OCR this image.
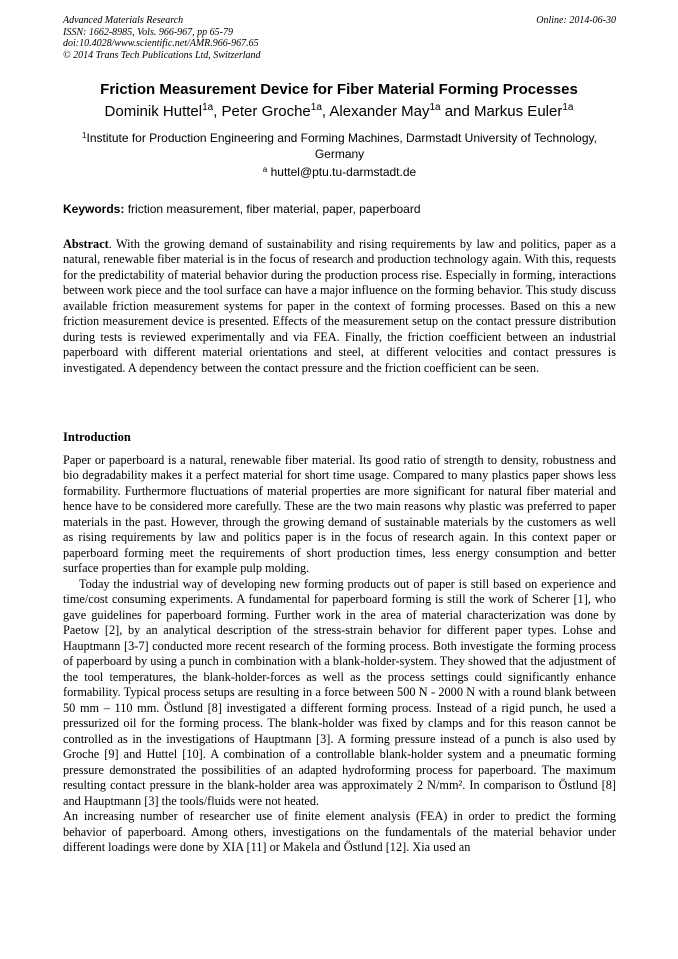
Advanced Materials Research
ISSN: 1662-8985, Vols. 966-967, pp 65-79
doi:10.4028/www.scientific.net/AMR.966-967.65
© 2014 Trans Tech Publications Ltd, Switzerland
Online: 2014-06-30
Friction Measurement Device for Fiber Material Forming Processes
Dominik Huttel$^{1a}$, Peter Groche$^{1a}$, Alexander May$^{1a}$ and Markus Euler$^{1a}$
$^1$Institute for Production Engineering and Forming Machines, Darmstadt University of Technology, Germany
$^a$ huttel@ptu.tu-darmstadt.de
Keywords: friction measurement, fiber material, paper, paperboard
Abstract. With the growing demand of sustainability and rising requirements by law and politics, paper as a natural, renewable fiber material is in the focus of research and production technology again. With this, requests for the predictability of material behavior during the production process rise. Especially in forming, interactions between work piece and the tool surface can have a major influence on the forming behavior. This study discuss available friction measurement systems for paper in the context of forming processes. Based on this a new friction measurement device is presented. Effects of the measurement setup on the contact pressure distribution during tests is reviewed experimentally and via FEA. Finally, the friction coefficient between an industrial paperboard with different material orientations and steel, at different velocities and contact pressures is investigated. A dependency between the contact pressure and the friction coefficient can be seen.
Introduction

Paper or paperboard is a natural, renewable fiber material. Its good ratio of strength to density, robustness and bio degradability makes it a perfect material for short time usage. Compared to many plastics paper shows less formability. Furthermore fluctuations of material properties are more significant for natural fiber material and hence have to be considered more carefully. These are the two main reasons why plastic was preferred to paper materials in the past. However, through the growing demand of sustainable materials by the customers as well as rising requirements by law and politics paper is in the focus of research again. In this context paper or paperboard forming meet the requirements of short production times, less energy consumption and better surface properties than for example pulp molding.

Today the industrial way of developing new forming products out of paper is still based on experience and time/cost consuming experiments. A fundamental for paperboard forming is still the work of Scherer [1], who gave guidelines for paperboard forming. Further work in the area of material characterization was done by Paetow [2], by an analytical description of the stress-strain behavior for different paper types. Lohse and Hauptmann [3-7] conducted more recent research of the forming process. Both investigate the forming process of paperboard by using a punch in combination with a blank-holder-system. They showed that the adjustment of the tool temperatures, the blank-holder-forces as well as the process settings could significantly enhance formability. Typical process setups are resulting in a force between 500 N - 2000 N with a round blank between 50 mm – 110 mm. Östlund [8] investigated a different forming process. Instead of a rigid punch, he used a pressurized oil for the forming process. The blank-holder was fixed by clamps and for this reason cannot be controlled as in the investigations of Hauptmann [3]. A forming pressure instead of a punch is also used by Groche [9] and Huttel [10]. A combination of a controllable blank-holder system and a pneumatic forming pressure demonstrated the possibilities of an adapted hydroforming process for paperboard. The maximum resulting contact pressure in the blank-holder area was approximately 2 N/mm². In comparison to Östlund [8] and Hauptmann [3] the tools/fluids were not heated.

An increasing number of researcher use of finite element analysis (FEA) in order to predict the forming behavior of paperboard. Among others, investigations on the fundamentals of the material behavior under different loadings were done by XIA [11] or Makela and Östlund [12]. Xia used an
